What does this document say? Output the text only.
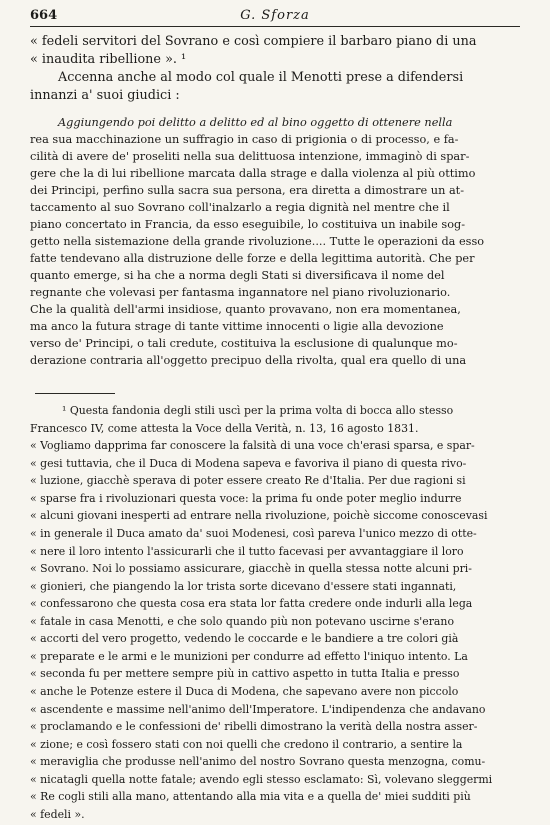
664	G. Sforza
« fedeli servitori del Sovrano e così compiere il barbaro piano di una
« inaudita ribellione ». ¹
Accenna anche al modo col quale il Menotti prese a difendersi
innanzi a' suoi giudici :
Aggiungendo poi delitto a delitto ed al bino oggetto di ottenere nella
rea sua macchinazione un suffragio in caso di prigionia o di processo, e fa-
cilità di avere de' proseliti nella sua delittuosa intenzione, immaginò di spar-
gere che la di lui ribellione marcata dalla strage e dalla violenza al più ottimo
dei Principi, perfino sulla sacra sua persona, era diretta a dimostrare un at-
taccamento al suo Sovrano coll'inalzarlo a regia dignità nel mentre che il
piano concertato in Francia, da esso eseguibile, lo costituiva un inabile sog-
getto nella sistemazione della grande rivoluzione.... Tutte le operazioni da esso
fatte tendevano alla distruzione delle forze e della legittima autorità. Che per
quanto emerge, si ha che a norma degli Stati si diversificava il nome del
regnante che volevasi per fantasma ingannatore nel piano rivoluzionario.
Che la qualità dell'armi insidiose, quanto provavano, non era momentanea,
ma anco la futura strage di tante vittime innocenti o ligie alla devozione
verso de' Principi, o tali credute, costituiva la esclusione di qualunque mo-
derazione contraria all'oggetto precipuo della rivolta, qual era quello di una
¹ Questa fandonia degli stili uscì per la prima volta di bocca allo stesso
Francesco IV, come attesta la Voce della Verità, n. 13, 16 agosto 1831.
« Vogliamo dapprima far conoscere la falsità di una voce ch'erasi sparsa, e spar-
« gesi tuttavia, che il Duca di Modena sapeva e favoriva il piano di questa rivo-
« luzione, giacchè sperava di poter essere creato Re d'Italia. Per due ragioni si
« sparse fra i rivoluzionari questa voce: la prima fu onde poter meglio indurre
« alcuni giovani inesperti ad entrare nella rivoluzione, poichè siccome conoscevasi
« in generale il Duca amato da' suoi Modenesi, così pareva l'unico mezzo di otte-
« nere il loro intento l'assicurarli che il tutto facevasi per avvantaggiare il loro
« Sovrano. Noi lo possiamo assicurare, giacchè in quella stessa notte alcuni pri-
« gionieri, che piangendo la lor trista sorte dicevano d'essere stati ingannati,
« confessarono che questa cosa era stata lor fatta credere onde indurli alla lega
« fatale in casa Menotti, e che solo quando più non potevano uscirne s'erano
« accorti del vero progetto, vedendo le coccarde e le bandiere a tre colori già
« preparate e le armi e le munizioni per condurre ad effetto l'iniquo intento. La
« seconda fu per mettere sempre più in cattivo aspetto in tutta Italia e presso
« anche le Potenze estere il Duca di Modena, che sapevano avere non piccolo
« ascendente e massime nell'animo dell'Imperatore. L'indipendenza che andavano
« proclamando e le confessioni de' ribelli dimostrano la verità della nostra asser-
« zione; e così fossero stati con noi quelli che credono il contrario, a sentire la
« meraviglia che produsse nell'animo del nostro Sovrano questa menzogna, comu-
« nicatagli quella notte fatale; avendo egli stesso esclamato: Sì, volevano sleggermi
« Re cogli stili alla mano, attentando alla mia vita e a quella de' miei sudditi più
« fedeli ».
